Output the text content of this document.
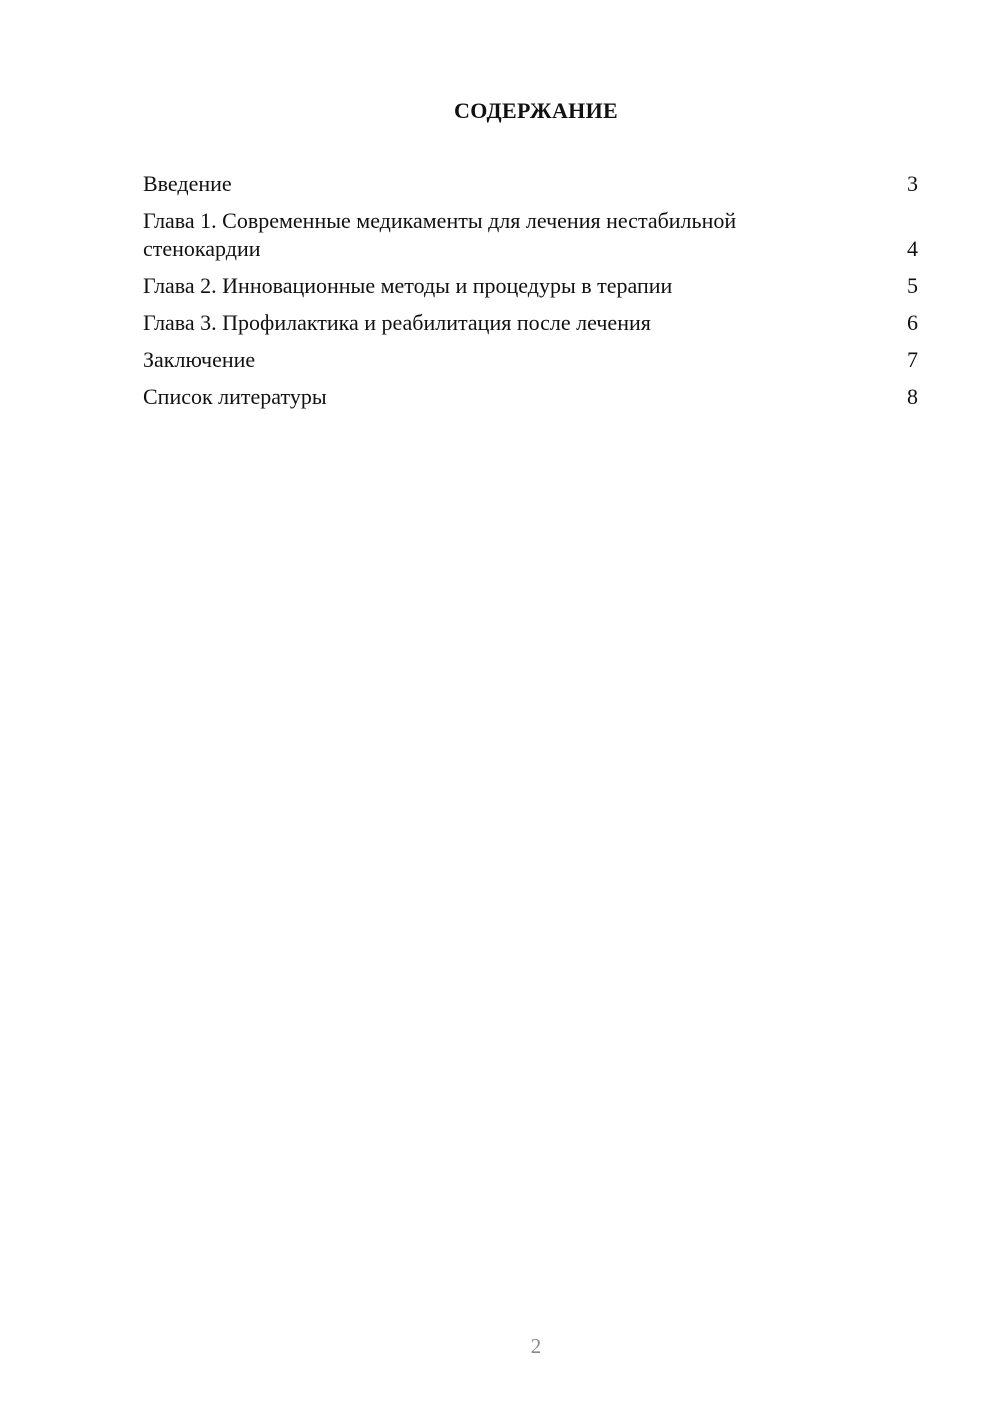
СОДЕРЖАНИЕ
Введение	3
Глава 1. Современные медикаменты для лечения нестабильной стенокардии	4
Глава 2. Инновационные методы и процедуры в терапии	5
Глава 3. Профилактика и реабилитация после лечения	6
Заключение	7
Список литературы	8
2
